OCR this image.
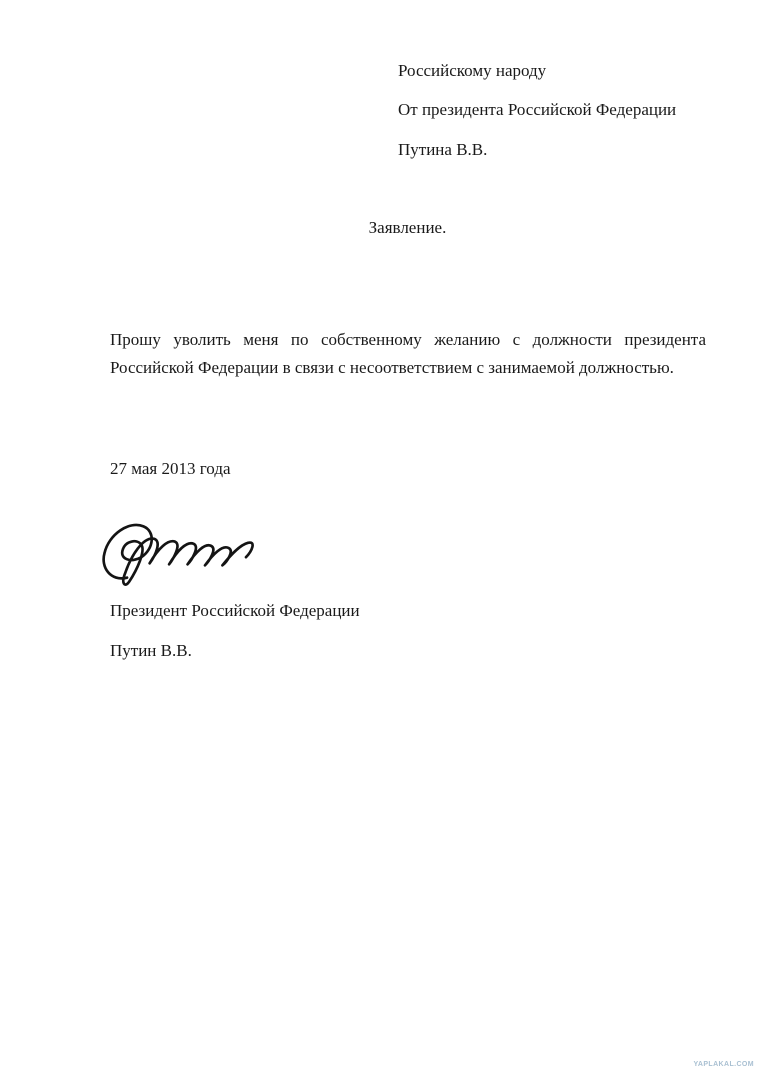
Российскому народу
От президента Российской Федерации
Путина В.В.
Заявление.

Прошу уволить меня по собственному желанию с должности президента Российской Федерации в связи с несоответствием с занимаемой должностью.

27 мая 2013 года
Президент Российской Федерации
Путин В.В.
YAPLAKAL.COM
